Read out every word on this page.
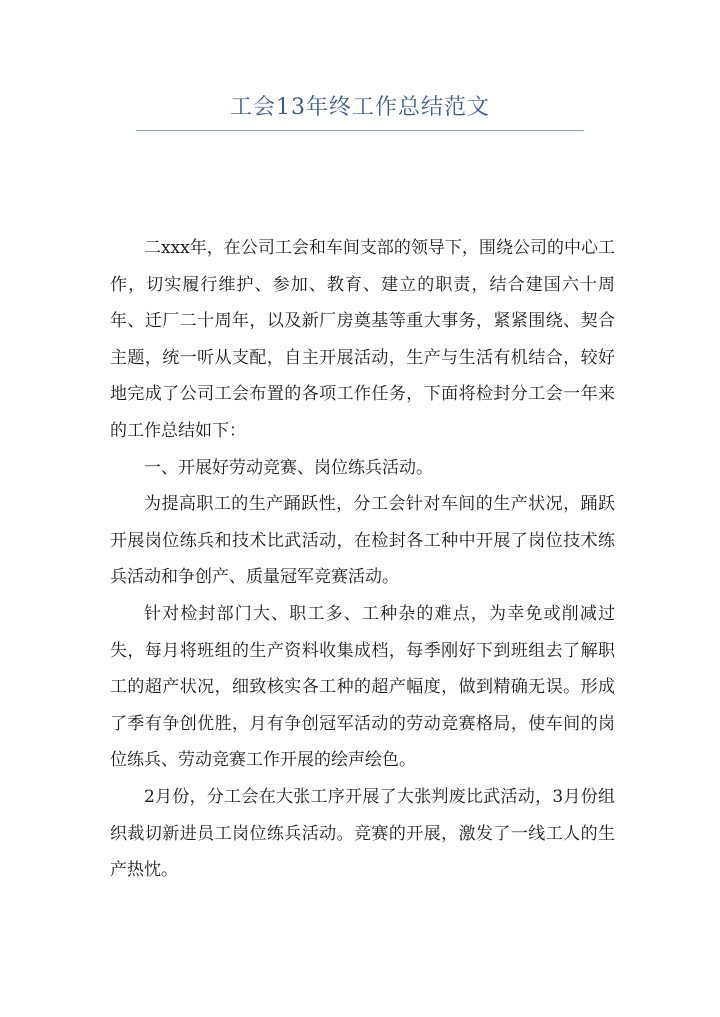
工会13年终工作总结范文

二xxx年，在公司工会和车间支部的领导下，围绕公司的中心工作，切实履行维护、参加、教育、建立的职责，结合建国六十周年、迁厂二十周年，以及新厂房奠基等重大事务，紧紧围绕、契合主题，统一听从支配，自主开展活动，生产与生活有机结合，较好地完成了公司工会布置的各项工作任务，下面将检封分工会一年来的工作总结如下：

一、开展好劳动竞赛、岗位练兵活动。

为提高职工的生产踊跃性，分工会针对车间的生产状况，踊跃开展岗位练兵和技术比武活动，在检封各工种中开展了岗位技术练兵活动和争创产、质量冠军竞赛活动。

针对检封部门大、职工多、工种杂的难点，为幸免或削减过失，每月将班组的生产资料收集成档，每季刚好下到班组去了解职工的超产状况，细致核实各工种的超产幅度，做到精确无误。形成了季有争创优胜，月有争创冠军活动的劳动竞赛格局，使车间的岗位练兵、劳动竞赛工作开展的绘声绘色。

2月份，分工会在大张工序开展了大张判废比武活动，3月份组织裁切新进员工岗位练兵活动。竞赛的开展，激发了一线工人的生产热忱。
